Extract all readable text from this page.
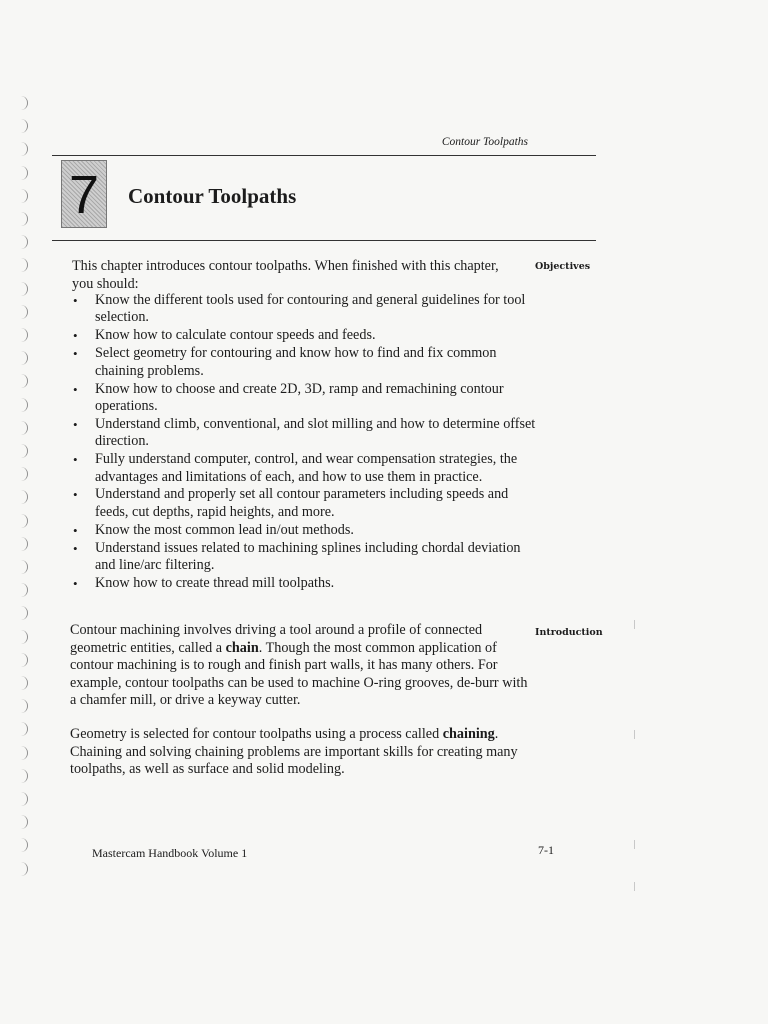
Contour Toolpaths
7 Contour Toolpaths
Objectives
This chapter introduces contour toolpaths. When finished with this chapter, you should:
• Know the different tools used for contouring and general guidelines for tool selection.
• Know how to calculate contour speeds and feeds.
• Select geometry for contouring and know how to find and fix common chaining problems.
• Know how to choose and create 2D, 3D, ramp and remachining contour operations.
• Understand climb, conventional, and slot milling and how to determine offset direction.
• Fully understand computer, control, and wear compensation strategies, the advantages and limitations of each, and how to use them in practice.
• Understand and properly set all contour parameters including speeds and feeds, cut depths, rapid heights, and more.
• Know the most common lead in/out methods.
• Understand issues related to machining splines including chordal deviation and line/arc filtering.
• Know how to create thread mill toolpaths.
Introduction
Contour machining involves driving a tool around a profile of connected geometric entities, called a chain. Though the most common application of contour machining is to rough and finish part walls, it has many others. For example, contour toolpaths can be used to machine O-ring grooves, de-burr with a chamfer mill, or drive a keyway cutter.
Geometry is selected for contour toolpaths using a process called chaining. Chaining and solving chaining problems are important skills for creating many toolpaths, as well as surface and solid modeling.
Mastercam Handbook Volume 1	7-1
